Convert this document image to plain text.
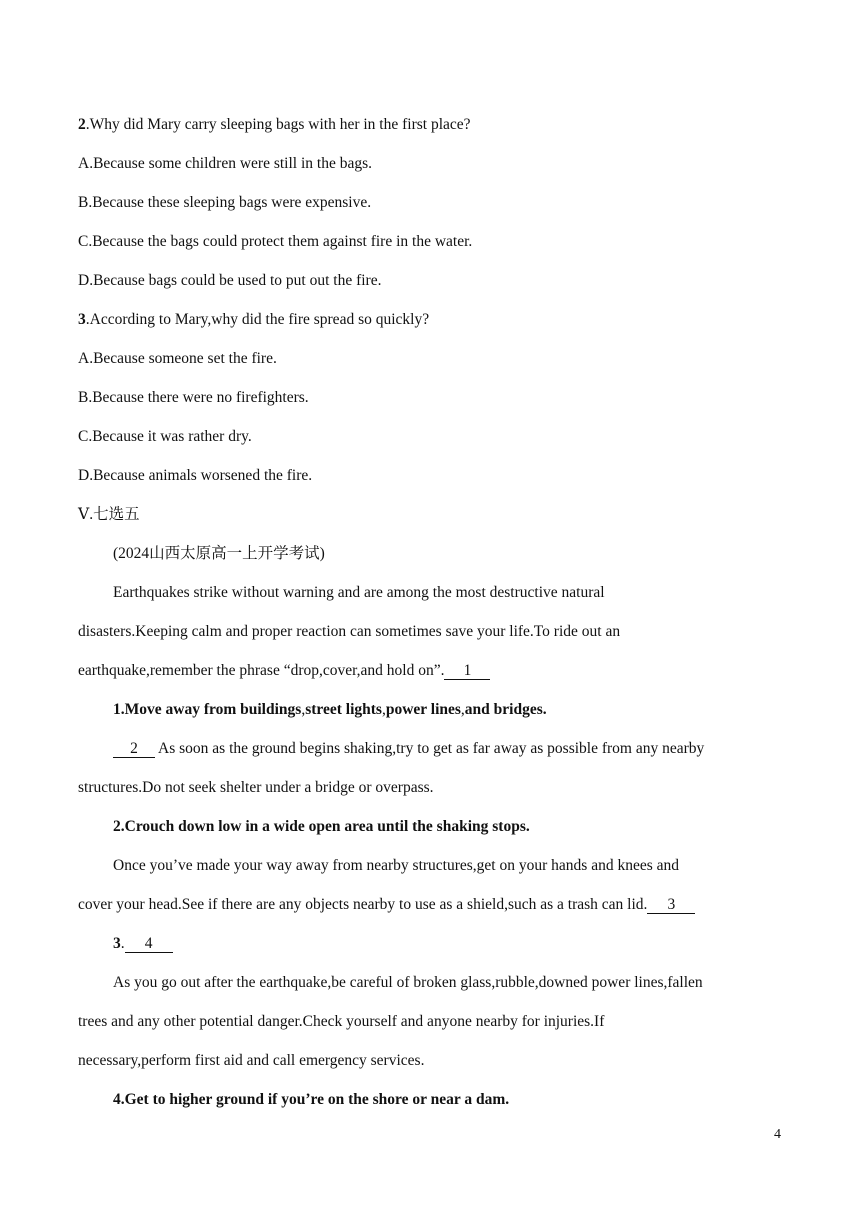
2.Why did Mary carry sleeping bags with her in the first place?
A.Because some children were still in the bags.
B.Because these sleeping bags were expensive.
C.Because the bags could protect them against fire in the water.
D.Because bags could be used to put out the fire.
3.According to Mary,why did the fire spread so quickly?
A.Because someone set the fire.
B.Because there were no firefighters.
C.Because it was rather dry.
D.Because animals worsened the fire.
Ⅴ.七选五
(2024山西太原高一上开学考试)
Earthquakes strike without warning and are among the most destructive natural
disasters.Keeping calm and proper reaction can sometimes save your life.To ride out an
earthquake,remember the phrase “drop,cover,and hold on”. 1
1.Move away from buildings,street lights,power lines,and bridges.
2 As soon as the ground begins shaking,try to get as far away as possible from any nearby
structures.Do not seek shelter under a bridge or overpass.
2.Crouch down low in a wide open area until the shaking stops.
Once you’ve made your way away from nearby structures,get on your hands and knees and
cover your head.See if there are any objects nearby to use as a shield,such as a trash can lid. 3
3. 4
As you go out after the earthquake,be careful of broken glass,rubble,downed power lines,fallen
trees and any other potential danger.Check yourself and anyone nearby for injuries.If
necessary,perform first aid and call emergency services.
4.Get to higher ground if you’re on the shore or near a dam.
4
